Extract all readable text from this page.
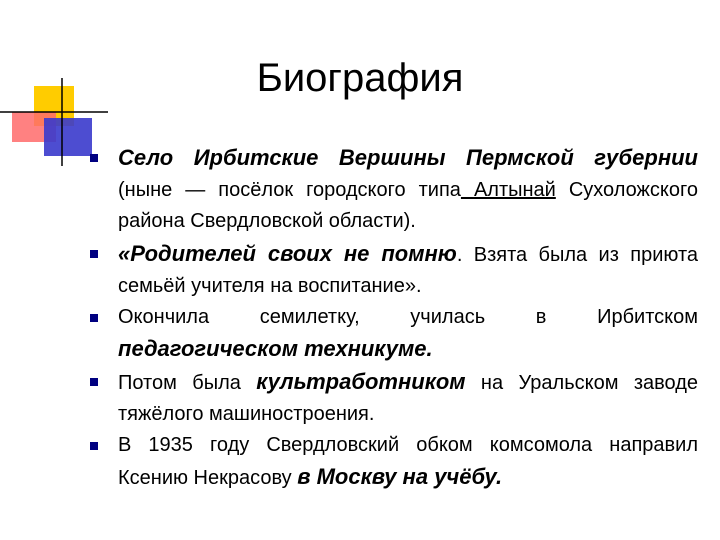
Биография
Село Ирбитские Вершины Пермской губернии (ныне — посёлок городского типа Алтынай Сухоложского района Свердловской области).
«Родителей своих не помню. Взята была из приюта семьёй учителя на воспитание».
Окончила семилетку, училась в Ирбитском педагогическом техникуме.
Потом была культработником на Уральском заводе тяжёлого машиностроения.
В 1935 году Свердловский обком комсомола направил Ксению Некрасову в Москву на учёбу.
